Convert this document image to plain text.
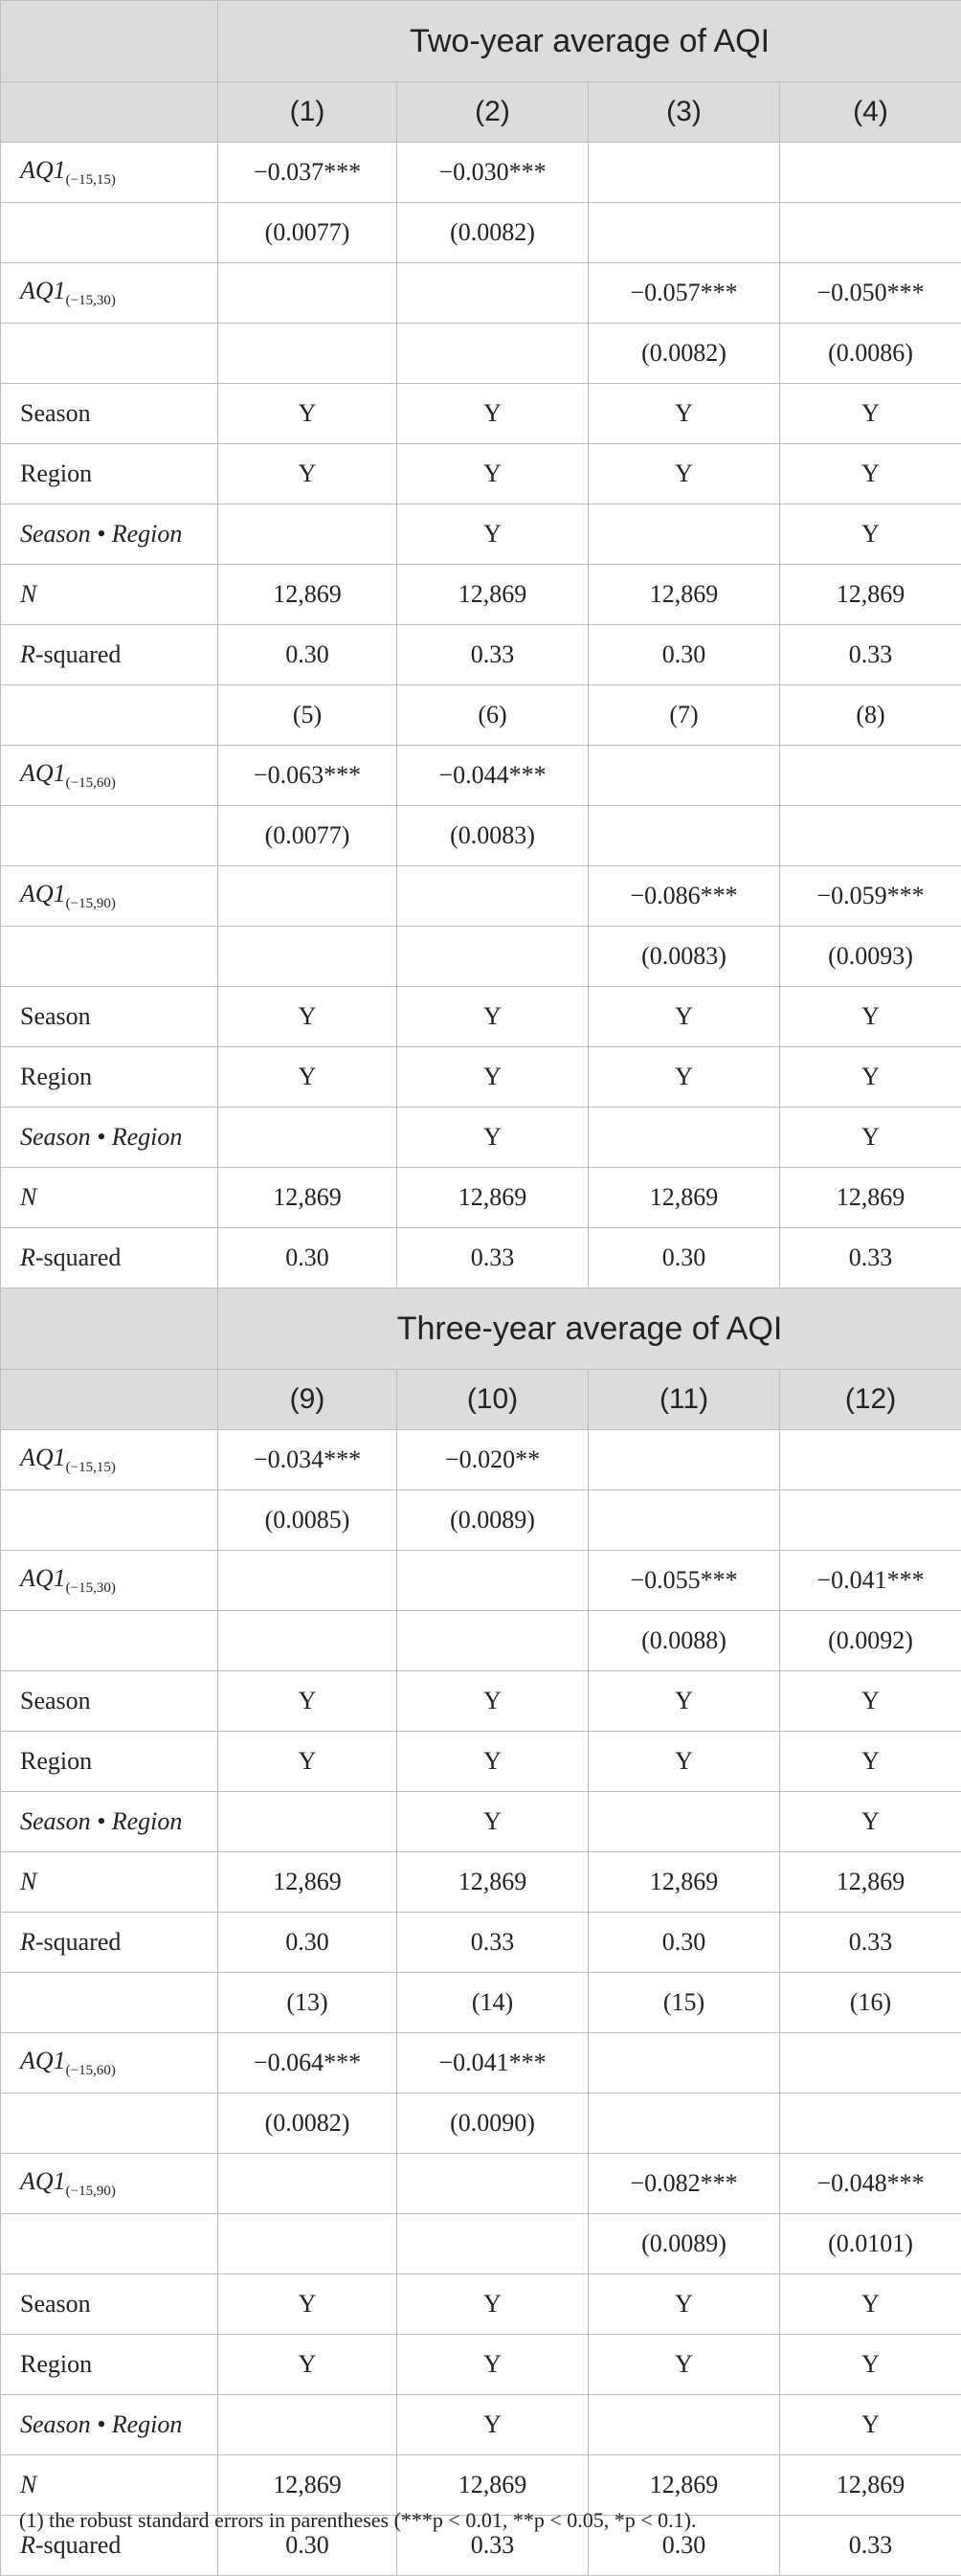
	Two-year average of AQI			
	(1)	(2)	(3)	(4)
$AQ1_{(-15,15)}$	−0.037***	−0.030***		
	(0.0077)	(0.0082)		
$AQ1_{(-15,30)}$			−0.057***	−0.050***
			(0.0082)	(0.0086)
Season	Y	Y	Y	Y
Region	Y	Y	Y	Y
Season • Region		Y		Y
N	12,869	12,869	12,869	12,869
R-squared	0.30	0.33	0.30	0.33
	(5)	(6)	(7)	(8)
$AQ1_{(-15,60)}$	−0.063***	−0.044***		
	(0.0077)	(0.0083)		
$AQ1_{(-15,90)}$			−0.086***	−0.059***
			(0.0083)	(0.0093)
Season	Y	Y	Y	Y
Region	Y	Y	Y	Y
Season • Region		Y		Y
N	12,869	12,869	12,869	12,869
R-squared	0.30	0.33	0.30	0.33
	Three-year average of AQI			
	(9)	(10)	(11)	(12)
$AQ1_{(-15,15)}$	−0.034***	−0.020**		
	(0.0085)	(0.0089)		
$AQ1_{(-15,30)}$			−0.055***	−0.041***
			(0.0088)	(0.0092)
Season	Y	Y	Y	Y
Region	Y	Y	Y	Y
Season • Region		Y		Y
N	12,869	12,869	12,869	12,869
R-squared	0.30	0.33	0.30	0.33
	(13)	(14)	(15)	(16)
$AQ1_{(-15,60)}$	−0.064***	−0.041***		
	(0.0082)	(0.0090)		
$AQ1_{(-15,90)}$			−0.082***	−0.048***
			(0.0089)	(0.0101)
Season	Y	Y	Y	Y
Region	Y	Y	Y	Y
Season • Region		Y		Y
N	12,869	12,869	12,869	12,869
R-squared	0.30	0.33	0.30	0.33
(1) the robust standard errors in parentheses (***p < 0.01, **p < 0.05, *p < 0.1).
